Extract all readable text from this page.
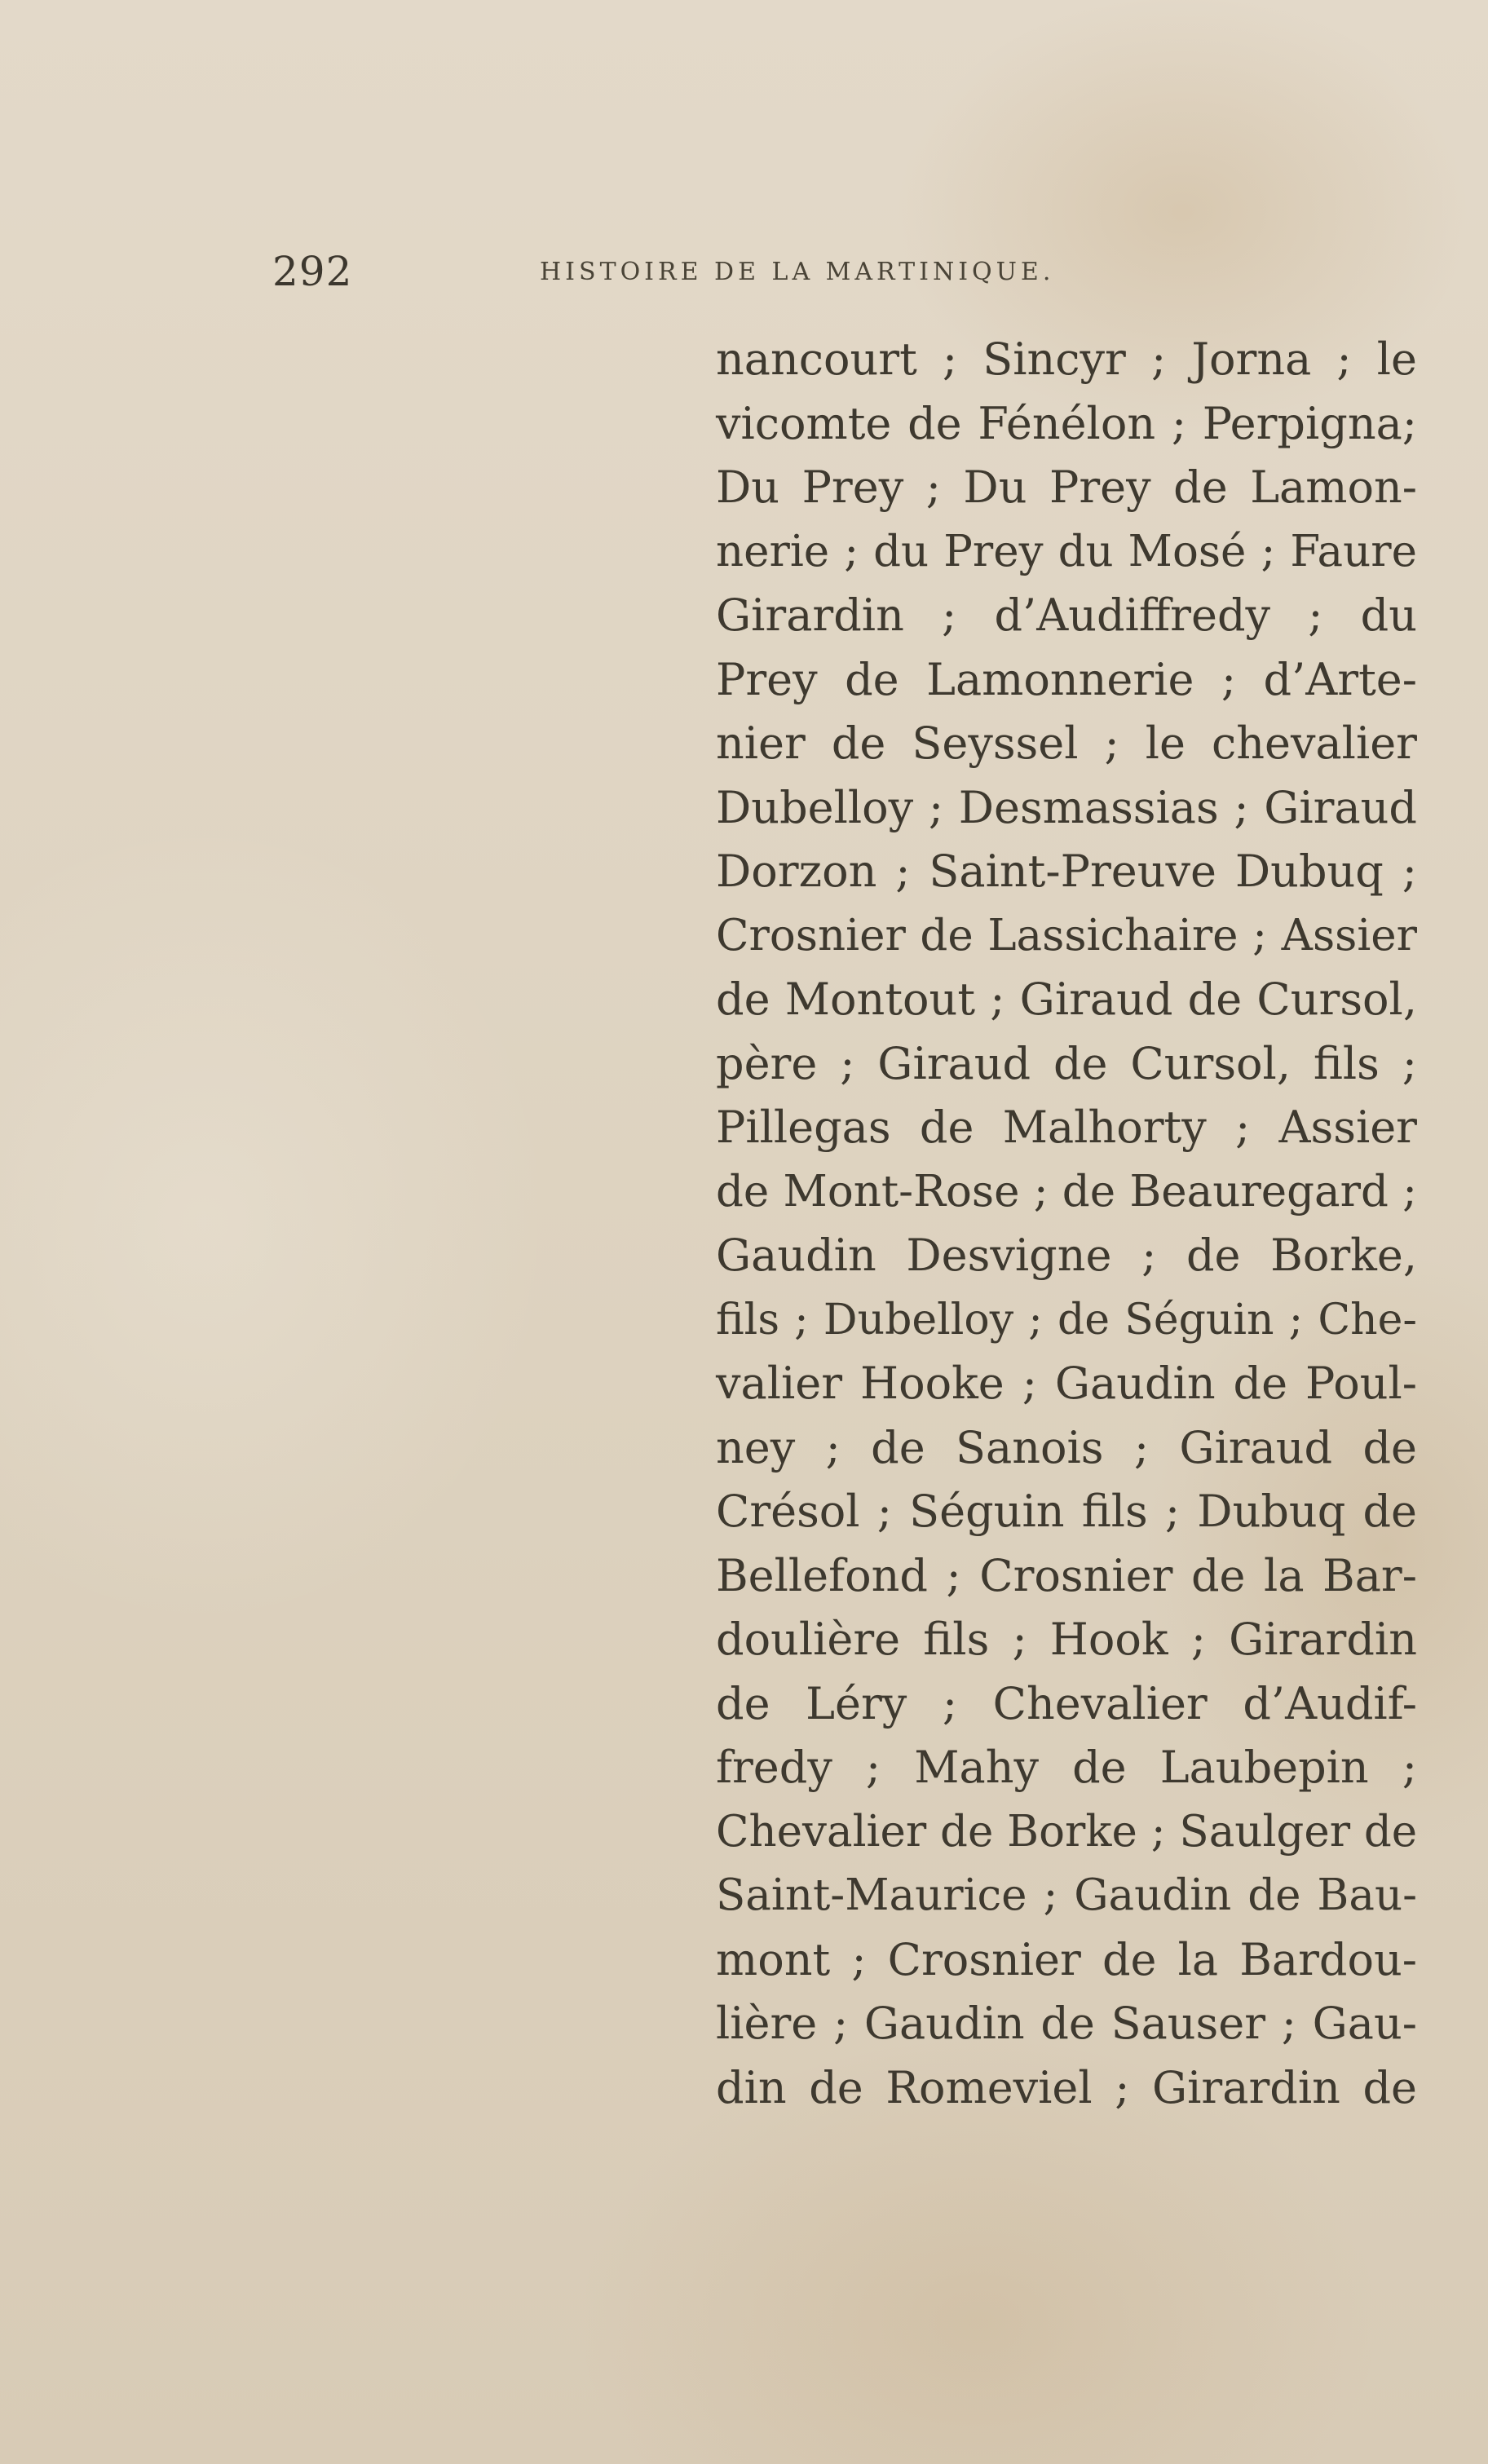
292	HISTOIRE DE LA MARTINIQUE.
nancourt ; Sincyr ; Jorna ; le
vicomte de Fénélon ; Perpigna;
Du Prey ; Du Prey de Lamon-
nerie ; du Prey du Mosé ; Faure
Girardin ; d’Audiffredy ; du
Prey de Lamonnerie ; d’Arte-
nier de Seyssel ; le chevalier
Dubelloy ; Desmassias ; Giraud
Dorzon ; Saint-Preuve Dubuq ;
Crosnier de Lassichaire ; Assier
de Montout ; Giraud de Cursol,
père ; Giraud de Cursol, fils ;
Pillegas de Malhorty ; Assier
de Mont-Rose ; de Beauregard ;
Gaudin Desvigne ; de Borke,
fils ; Dubelloy ; de Séguin ; Che-
valier Hooke ; Gaudin de Poul-
ney ; de Sanois ; Giraud de
Crésol ; Séguin fils ; Dubuq de
Bellefond ; Crosnier de la Bar-
doulière fils ; Hook ; Girardin
de Léry ; Chevalier d’Audif-
fredy ; Mahy de Laubepin ;
Chevalier de Borke ; Saulger de
Saint-Maurice ; Gaudin de Bau-
mont ; Crosnier de la Bardou-
lière ; Gaudin de Sauser ; Gau-
din de Romeviel ; Girardin de
